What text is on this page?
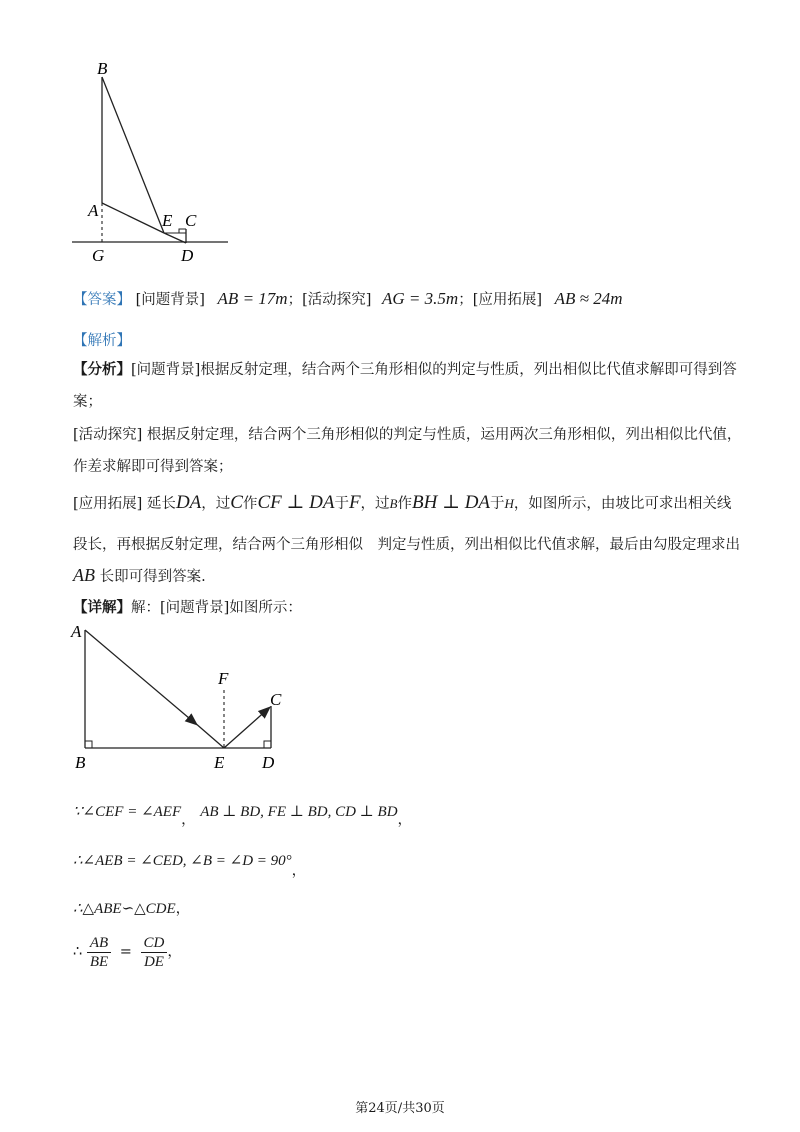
B
A
E C
G	D
【答案】 [问题背景] AB = 17m；[活动探究] AG = 3.5m；[应用拓展] AB ≈ 24m
【解析】
【分析】[问题背景]根据反射定理，结合两个三角形相似的判定与性质，列出相似比代值求解即可得到答
案；
[活动探究] 根据反射定理，结合两个三角形相似的判定与性质，运用两次三角形相似，列出相似比代值，
作差求解即可得到答案；
[应用拓展] 延长DA，过C作CF ⊥ DA于F，过B作BH ⊥ DA于H，如图所示，由坡比可求出相关线
段长，再根据反射定理，结合两个三角形相似　判定与性质，列出相似比代值求解，最后由勾股定理求出
AB 长即可得到答案.
【详解】解：[问题背景]如图所示：
A
F
C
B	E D
∵∠CEF = ∠AEF， AB ⊥ BD, FE ⊥ BD, CD ⊥ BD，
∴∠AEB = ∠CED, ∠B = ∠D = 90°，
∴△ABE∽△CDE，
∴ $\frac{AB}{BE} = \frac{CD}{DE}$ ，
第24页/共30页
